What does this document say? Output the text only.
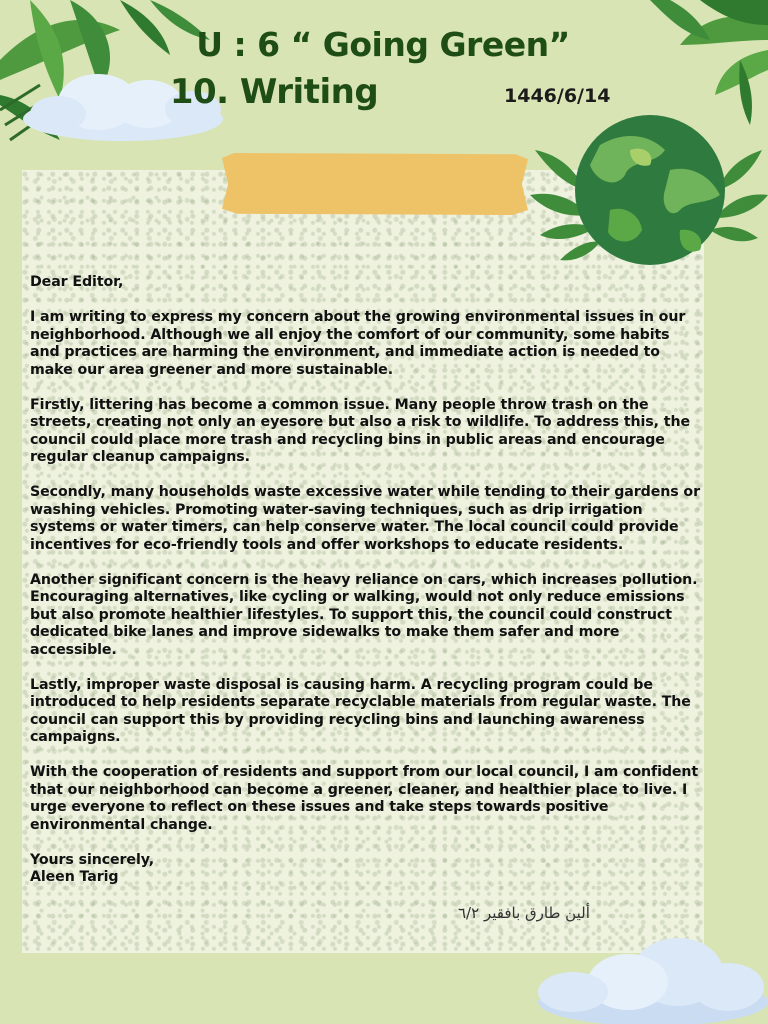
U : 6 “ Going Green”
10. Writing	1446/6/14

Dear Editor,

I am writing to express my concern about the growing environmental issues in our neighborhood. Although we all enjoy the comfort of our community, some habits and practices are harming the environment, and immediate action is needed to make our area greener and more sustainable.

Firstly, littering has become a common issue. Many people throw trash on the streets, creating not only an eyesore but also a risk to wildlife. To address this, the council could place more trash and recycling bins in public areas and encourage regular cleanup campaigns.

Secondly, many households waste excessive water while tending to their gardens or washing vehicles. Promoting water-saving techniques, such as drip irrigation systems or water timers, can help conserve water. The local council could provide incentives for eco-friendly tools and offer workshops to educate residents.

Another significant concern is the heavy reliance on cars, which increases pollution. Encouraging alternatives, like cycling or walking, would not only reduce emissions but also promote healthier lifestyles. To support this, the council could construct dedicated bike lanes and improve sidewalks to make them safer and more accessible.

Lastly, improper waste disposal is causing harm. A recycling program could be introduced to help residents separate recyclable materials from regular waste. The council can support this by providing recycling bins and launching awareness campaigns.

With the cooperation of residents and support from our local council, I am confident that our neighborhood can become a greener, cleaner, and healthier place to live. I urge everyone to reflect on these issues and take steps towards positive environmental change.

Yours sincerely,

Aleen Tarig

ألين طارق بافقير ٦/٢
